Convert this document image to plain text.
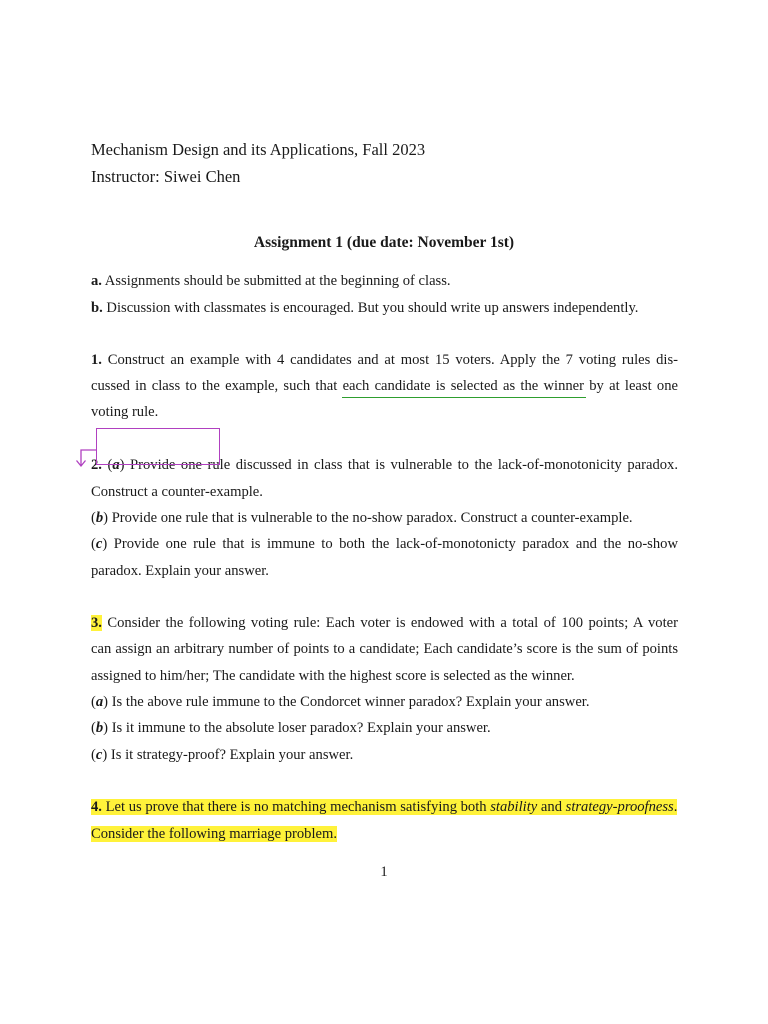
Mechanism Design and its Applications, Fall 2023
Instructor: Siwei Chen
Assignment 1 (due date: November 1st)
a. Assignments should be submitted at the beginning of class.
b. Discussion with classmates is encouraged. But you should write up answers independently.
1. Construct an example with 4 candidates and at most 15 voters. Apply the 7 voting rules dis-
cussed in class to the example, such that each candidate is selected as the winner by at least one
voting rule.
2. (a) Provide one rule discussed in class that is vulnerable to the lack-of-monotonicity paradox.
Construct a counter-example.
(b) Provide one rule that is vulnerable to the no-show paradox. Construct a counter-example.
(c) Provide one rule that is immune to both the lack-of-monotonicty paradox and the no-show
paradox. Explain your answer.
3. Consider the following voting rule: Each voter is endowed with a total of 100 points; A voter
can assign an arbitrary number of points to a candidate; Each candidate’s score is the sum of points
assigned to him/her; The candidate with the highest score is selected as the winner.
(a) Is the above rule immune to the Condorcet winner paradox? Explain your answer.
(b) Is it immune to the absolute loser paradox? Explain your answer.
(c) Is it strategy-proof? Explain your answer.
4. Let us prove that there is no matching mechanism satisfying both stability and strategy-proofness.
Consider the following marriage problem.
1
